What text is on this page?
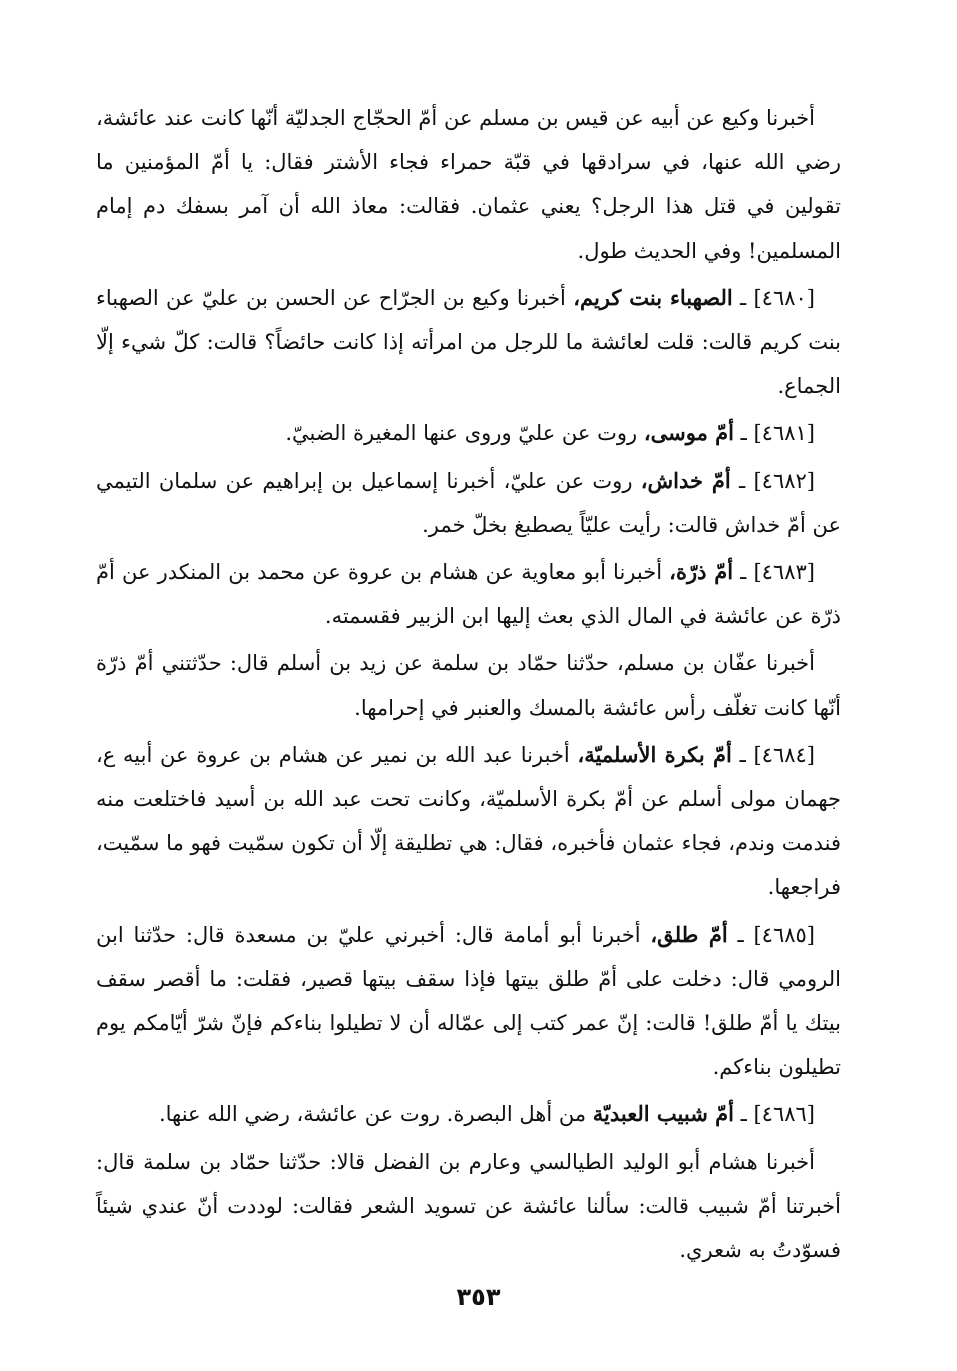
أخبرنا وكيع عن أبيه عن قيس بن مسلم عن أمّ الحجّاج الجدليّة أنّها كانت عند عائشة، رضي الله عنها، في سرادقها في قبّة حمراء فجاء الأشتر فقال: يا أمّ المؤمنين ما تقولين في قتل هذا الرجل؟ يعني عثمان. فقالت: معاذ الله أن آمر بسفك دم إمام المسلمين! وفي الحديث طول.

[٤٦٨٠] ـ الصهباء بنت كريم، أخبرنا وكيع بن الجرّاح عن الحسن بن عليّ عن الصهباء بنت كريم قالت: قلت لعائشة ما للرجل من امرأته إذا كانت حائضاً؟ قالت: كلّ شيء إلّا الجماع.

[٤٦٨١] ـ أمّ موسى، روت عن عليّ وروى عنها المغيرة الضبيّ.

[٤٦٨٢] ـ أمّ خداش، روت عن عليّ، أخبرنا إسماعيل بن إبراهيم عن سلمان التيمي عن أمّ خداش قالت: رأيت عليّاً يصطبغ بخلّ خمر.

[٤٦٨٣] ـ أمّ ذرّة، أخبرنا أبو معاوية عن هشام بن عروة عن محمد بن المنكدر عن أمّ ذرّة عن عائشة في المال الذي بعث إليها ابن الزبير فقسمته.

أخبرنا عفّان بن مسلم، حدّثنا حمّاد بن سلمة عن زيد بن أسلم قال: حدّثتني أمّ ذرّة أنّها كانت تغلّف رأس عائشة بالمسك والعنبر في إحرامها.

[٤٦٨٤] ـ أمّ بكرة الأسلميّة، أخبرنا عبد الله بن نمير عن هشام بن عروة عن أبيه ع، جهمان مولى أسلم عن أمّ بكرة الأسلميّة، وكانت تحت عبد الله بن أسيد فاختلعت منه فندمت وندم، فجاء عثمان فأخبره، فقال: هي تطليقة إلّا أن تكون سمّيت فهو ما سمّيت، فراجعها.

[٤٦٨٥] ـ أمّ طلق، أخبرنا أبو أمامة قال: أخبرني عليّ بن مسعدة قال: حدّثنا ابن الرومي قال: دخلت على أمّ طلق بيتها فإذا سقف بيتها قصير، فقلت: ما أقصر سقف بيتك يا أمّ طلق! قالت: إنّ عمر كتب إلى عمّاله أن لا تطيلوا بناءكم فإنّ شرّ أيّامكم يوم تطيلون بناءكم.

[٤٦٨٦] ـ أمّ شبيب العبديّة من أهل البصرة. روت عن عائشة، رضي الله عنها.

أخبرنا هشام أبو الوليد الطيالسي وعارم بن الفضل قالا: حدّثنا حمّاد بن سلمة قال: أخبرتنا أمّ شبيب قالت: سألنا عائشة عن تسويد الشعر فقالت: لوددت أنّ عندي شيئاً فسوّدتُ به شعري.

٣٥٣
